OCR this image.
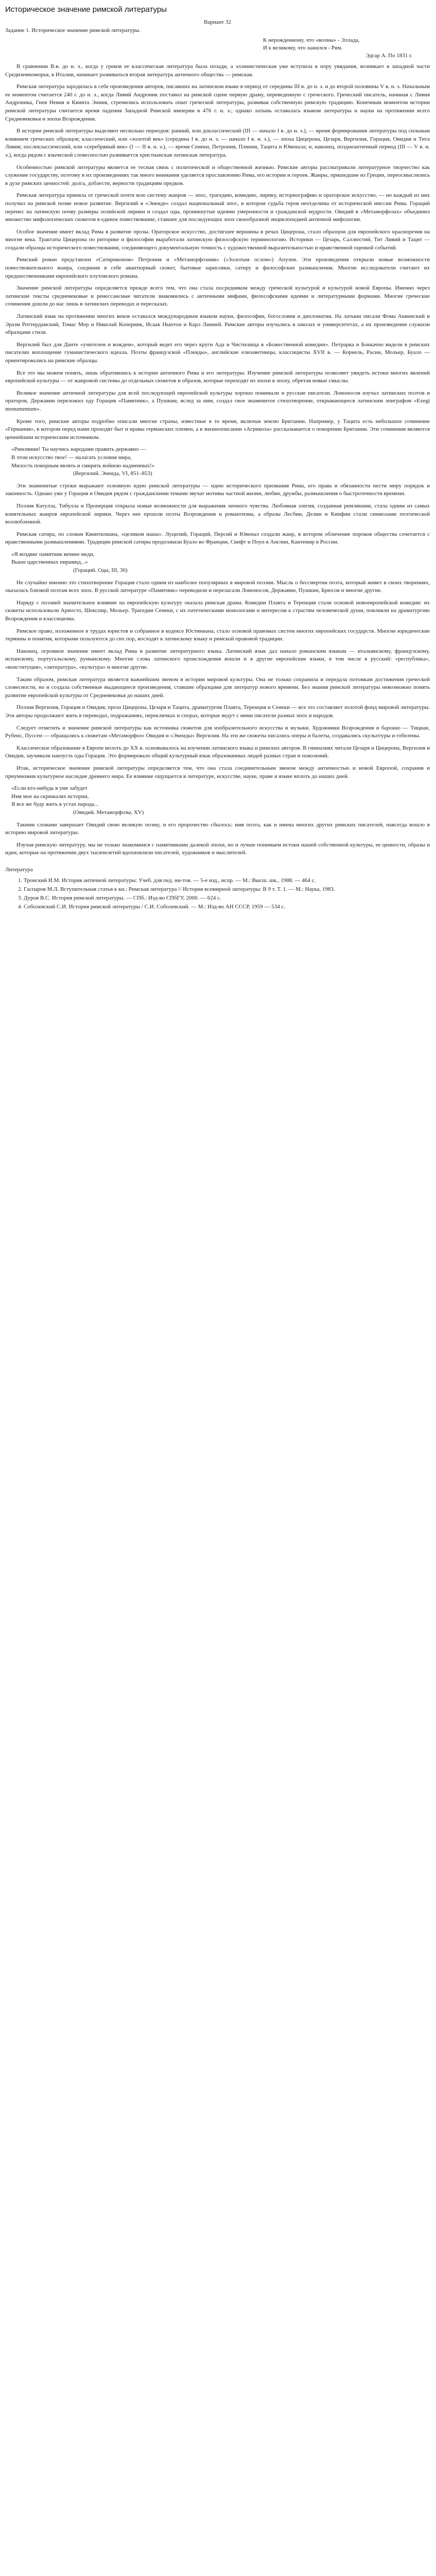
Историческое значение римской литературы

Вариант 32

Задание 1. Историческое значение римской литературы.

К нерожденному, что «волны» - Эллада,
И к великому, что зажился - Рим.
Эдгар А. По 1831 г.

В сравнении В.в. до н. э., когда у греков ее классическая литература была позади, а эллинистическая уже вступила в пору увядания, возникает в западной части Средиземноморья, в Италии, начинает развиваться вторая литература античного общества — римская.

Римская литература зародилась в себе произведения авторов, писавших на латинском языке в период от середины III в. до н. э. и до второй половины V в. н. э. Начальным ее моментом считается 240 г. до н. э., когда Ливий Андроник поставил на римской сцене первую драму, переведенную с греческого. Греческий писатель, начиная с Ливия Андроника, Гнея Невия и Квинта Энния, стремились использовать опыт греческой литературы, развивая собственную римскую традицию. Конечным моментом истории римской литературы считается время падения Западной Римской империи в 476 г. н. э.; однако латынь оставалась языком литературы и науки на протяжении всего Средневековья и эпохи Возрождения.

В истории римской литературы выделяют несколько периодов: ранний, или доклассический (III — начало I в. до н. э.), — время формирования литературы под сильным влиянием греческих образцов; классический, или «золотой век» (середина I в. до н. э. — начало I в. н. э.), — эпоха Цицерона, Цезаря, Вергилия, Горация, Овидия и Тита Ливия; послеклассический, или «серебряный век» (I — II в. н. э.), — время Сенеки, Петрония, Плиния, Тацита и Ювенала; и, наконец, позднеантичный период (III — V в. н. э.), когда рядом с языческой словесностью развивается христианская латинская литература.

Особенностью римской литературы является ее тесная связь с политической и общественной жизнью. Римские авторы рассматривали литературное творчество как служение государству, поэтому в их произведениях так много внимания уделяется прославлению Рима, его истории и героев. Жанры, пришедшие из Греции, переосмыслялись в духе римских ценностей: долга, доблести, верности традициям предков.

Римская литература приняла от греческой почти всю систему жанров — эпос, трагедию, комедию, лирику, историографию и ораторское искусство, — но каждый из них получил на римской почве новое развитие. Вергилий в «Энеиде» создал национальный эпос, в котором судьба героя неотделима от исторической миссии Рима. Гораций перенес на латинскую почву размеры эолийской лирики и создал оды, проникнутые идеями умеренности и гражданской мудрости. Овидий в «Метаморфозах» объединил множество мифологических сюжетов в единое повествование, ставшее для последующих эпох своеобразной энциклопедией античной мифологии.

Особое значение имеет вклад Рима в развитие прозы. Ораторское искусство, достигшее вершины в речах Цицерона, стало образцом для европейского красноречия на многие века. Трактаты Цицерона по риторике и философии выработали латинскую философскую терминологию. Историки — Цезарь, Саллюстий, Тит Ливий и Тацит — создали образцы исторического повествования, соединяющего документальную точность с художественной выразительностью и нравственной оценкой событий.

Римский роман представлен «Сатириконом» Петрония и «Метаморфозами» («Золотым ослом») Апулея. Эти произведения открыли новые возможности повествовательного жанра, соединив в себе авантюрный сюжет, бытовые зарисовки, сатиру и философские размышления. Многие исследователи считают их предшественниками европейского плутовского романа.

Значение римской литературы определяется прежде всего тем, что она стала посредником между греческой культурой и культурой новой Европы. Именно через латинские тексты средневековые и ренессансные читатели знакомились с античными мифами, философскими идеями и литературными формами. Многие греческие сочинения дошли до нас лишь в латинских переводах и пересказах.

Латинский язык на протяжении многих веков оставался международным языком науки, философии, богословия и дипломатии. На латыни писали Фома Аквинский и Эразм Роттердамский, Томас Мор и Николай Коперник, Исаак Ньютон и Карл Линней. Римские авторы изучались в школах и университетах, а их произведения служили образцами стиля.

Вергилий был для Данте «учителем и вождем», который ведет его через круги Ада и Чистилища в «Божественной комедии». Петрарка и Боккаччо видели в римских писателях воплощение гуманистического идеала. Поэты французской «Плеяды», английские елизаветинцы, классицисты XVII в. — Корнель, Расин, Мольер, Буало — ориентировались на римские образцы.

Все это мы можем понять, лишь обратившись к истории античного Рима и его литературы. Изучение римской литературы позволяет увидеть истоки многих явлений европейской культуры — от жанровой системы до отдельных сюжетов и образов, которые переходят из эпохи в эпоху, обретая новые смыслы.

Великое значение античной литературы для всей последующей европейской культуры хорошо понимали и русские писатели. Ломоносов изучал латинских поэтов и ораторов, Державин переложил оду Горация «Памятник», а Пушкин, вслед за ним, создал свое знаменитое стихотворение, открывающееся латинским эпиграфом «Exegi monumentum».

Кроме того, римские авторы подробно описали многие страны, известные в то время, включая землю Британии. Например, у Тацита есть небольшое сочинение «Германия», в котором перед нами проходят быт и нравы германских племен, а в жизнеописании «Агрикола» рассказывается о покорении Британии. Эти сочинения являются ценнейшим историческим источником.

«Римлянин! Ты научись народами править державно —
В этом искусство твое! — налагать условия мира,
Милость покорным являть и смирять войною надменных!»
(Вергилий. Энеида, VI, 851–853)

Эти знаменитые строки выражают основную идею римской литературы — идею исторического призвания Рима, его права и обязанности нести миру порядок и законность. Однако уже у Горация и Овидия рядом с гражданскими темами звучат мотивы частной жизни, любви, дружбы, размышления о быстротечности времени.

Поэзия Катулла, Тибулла и Проперция открыла новые возможности для выражения личного чувства. Любовная элегия, созданная римлянами, стала одним из самых влиятельных жанров европейской лирики. Через нее прошли поэты Возрождения и романтизма, а образы Лесбии, Делии и Кинфии стали символами поэтической возлюбленной.

Римская сатира, по словам Квинтилиана, «целиком наша». Луцилий, Гораций, Персий и Ювенал создали жанр, в котором обличение пороков общества сочетается с нравственными размышлениями. Традиции римской сатиры продолжили Буало во Франции, Свифт и Поуп в Англии, Кантемир в России.

«Я воздвиг памятник вечнее меди,
Выше царственных пирамид...»
(Гораций. Оды, III, 30)

Не случайно именно это стихотворение Горация стало одним из наиболее популярных в мировой поэзии. Мысль о бессмертии поэта, который живет в своих творениях, оказалась близкой поэтам всех эпох. В русской литературе «Памятник» переводили и перелагали Ломоносов, Державин, Пушкин, Брюсов и многие другие.

Наряду с поэзией значительное влияние на европейскую культуру оказала римская драма. Комедии Плавта и Теренция стали основой новоевропейской комедии: их сюжеты использовали Ариосто, Шекспир, Мольер. Трагедии Сенеки, с их патетическими монологами и интересом к страстям человеческой души, повлияли на драматургию Возрождения и классицизма.

Римское право, изложенное в трудах юристов и собранное в кодексе Юстиниана, стало основой правовых систем многих европейских государств. Многие юридические термины и понятия, которыми пользуются до сих пор, восходят к латинскому языку и римской правовой традиции.

Наконец, огромное значение имеет вклад Рима в развитие литературного языка. Латинский язык дал начало романским языкам — итальянскому, французскому, испанскому, португальскому, румынскому. Многие слова латинского происхождения вошли и в другие европейские языки, в том числе в русский: «республика», «конституция», «литература», «культура» и многие другие.

Таким образом, римская литература является важнейшим звеном в истории мировой культуры. Она не только сохранила и передала потомкам достижения греческой словесности, но и создала собственные выдающиеся произведения, ставшие образцами для литератур нового времени. Без знания римской литературы невозможно понять развитие европейской культуры от Средневековья до наших дней.

Поэзия Вергилия, Горация и Овидия, проза Цицерона, Цезаря и Тацита, драматургия Плавта, Теренция и Сенеки — все это составляет золотой фонд мировой литературы. Эти авторы продолжают жить в переводах, подражаниях, перекличках и спорах, которые ведут с ними писатели разных эпох и народов.

Следует отметить и значение римской литературы как источника сюжетов для изобразительного искусства и музыки. Художники Возрождения и барокко — Тициан, Рубенс, Пуссен — обращались к сюжетам «Метаморфоз» Овидия и «Энеиды» Вергилия. На эти же сюжеты писались оперы и балеты, создавались скульптуры и гобелены.

Классическое образование в Европе вплоть до XX в. основывалось на изучении латинского языка и римских авторов. В гимназиях читали Цезаря и Цицерона, Вергилия и Овидия, заучивали наизусть оды Горация. Это формировало общий культурный язык образованных людей разных стран и поколений.

Итак, историческое значение римской литературы определяется тем, что она стала соединительным звеном между античностью и новой Европой, сохранив и приумножив культурное наследие древнего мира. Ее влияние ощущается в литературе, искусстве, науке, праве и языке вплоть до наших дней.

«Если кто-нибудь в уме забудет
Имя мое на скрижалях истории,
Я все же буду жить в устах народа...
(Овидий. Метаморфозы, XV)

Такими словами завершает Овидий свою великую поэму, и его пророчество сбылось: имя поэта, как и имена многих других римских писателей, навсегда вошло в историю мировой литературы.

Изучая римскую литературу, мы не только знакомимся с памятниками далекой эпохи, но и лучше понимаем истоки нашей собственной культуры, ее ценности, образы и идеи, которые на протяжении двух тысячелетий вдохновляли писателей, художников и мыслителей.

Литература

1. Тронский И.М. История античной литературы: Учеб. для пед. ин-тов. — 5-е изд., испр. — М.: Высш. шк., 1988. — 464 с.
2. Гаспаров М.Л. Вступительная статья к кн.: Римская литература // История всемирной литературы: В 9 т. Т. 1. — М.: Наука, 1983.
3. Дуров В.С. История римской литературы. — СПб.: Изд-во СПбГУ, 2000. — 624 с.
4. Соболевский С.И. История римской литературы / С.И. Соболевский. — М.: Изд-во АН СССР, 1959 — 534 с.
